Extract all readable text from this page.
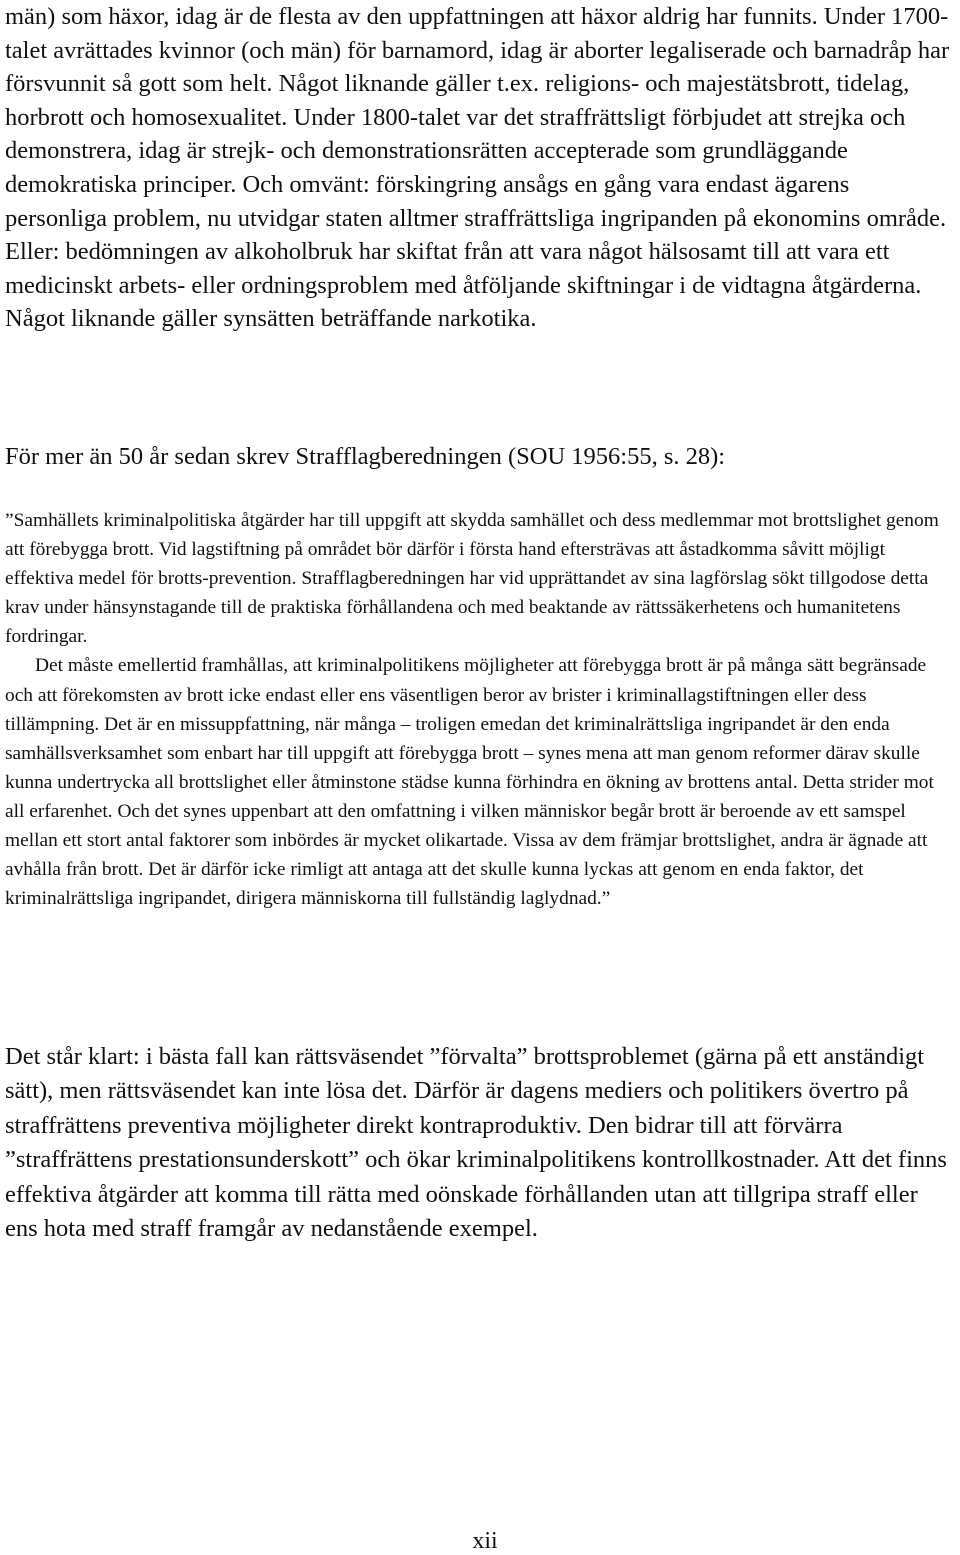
män) som häxor, idag är de flesta av den uppfattningen att häxor aldrig har funnits. Under 1700-talet avrättades kvinnor (och män) för barnamord, idag är aborter legaliserade och barnadråp har försvunnit så gott som helt. Något liknande gäller t.ex. religions- och majestätsbrott, tidelag, horbrott och homosexualitet. Under 1800-talet var det straffrättsligt förbjudet att strejka och demonstrera, idag är strejk- och demonstrationsrätten accepterade som grundläggande demokratiska principer. Och omvänt: förskingring ansågs en gång vara endast ägarens personliga problem, nu utvidgar staten alltmer straffrättsliga ingripanden på ekonomins område. Eller: bedömningen av alkoholbruk har skiftat från att vara något hälsosamt till att vara ett medicinskt arbets- eller ordningsproblem med åtföljande skiftningar i de vidtagna åtgärderna. Något liknande gäller synsätten beträffande narkotika.

För mer än 50 år sedan skrev Strafflagberedningen (SOU 1956:55, s. 28):

”Samhällets kriminalpolitiska åtgärder har till uppgift att skydda samhället och dess medlemmar mot brottslighet genom att förebygga brott. Vid lagstiftning på området bör därför i första hand eftersträvas att åstadkomma såvitt möjligt effektiva medel för brotts-prevention. Strafflagberedningen har vid upprättandet av sina lagförslag sökt tillgodose detta krav under hänsynstagande till de praktiska förhållandena och med beaktande av rättssäkerhetens och humanitetens fordringar.

Det måste emellertid framhållas, att kriminalpolitikens möjligheter att förebygga brott är på många sätt begränsade och att förekomsten av brott icke endast eller ens väsentligen beror av brister i kriminallagstiftningen eller dess tillämpning. Det är en missuppfattning, när många – troligen emedan det kriminalrättsliga ingripandet är den enda samhällsverksamhet som enbart har till uppgift att förebygga brott – synes mena att man genom reformer därav skulle kunna undertrycka all brottslighet eller åtminstone städse kunna förhindra en ökning av brottens antal. Detta strider mot all erfarenhet. Och det synes uppenbart att den omfattning i vilken människor begår brott är beroende av ett samspel mellan ett stort antal faktorer som inbördes är mycket olikartade. Vissa av dem främjar brottslighet, andra är ägnade att avhålla från brott. Det är därför icke rimligt att antaga att det skulle kunna lyckas att genom en enda faktor, det kriminalrättsliga ingripandet, dirigera människorna till fullständig laglydnad.”

Det står klart: i bästa fall kan rättsväsendet ”förvalta” brottsproblemet (gärna på ett anständigt sätt), men rättsväsendet kan inte lösa det. Därför är dagens mediers och politikers övertro på straffrättens preventiva möjligheter direkt kontraproduktiv. Den bidrar till att förvärra ”straffrättens prestationsunderskott” och ökar kriminalpolitikens kontrollkostnader. Att det finns effektiva åtgärder att komma till rätta med oönskade förhållanden utan att tillgripa straff eller ens hota med straff framgår av nedanstående exempel.

xii
